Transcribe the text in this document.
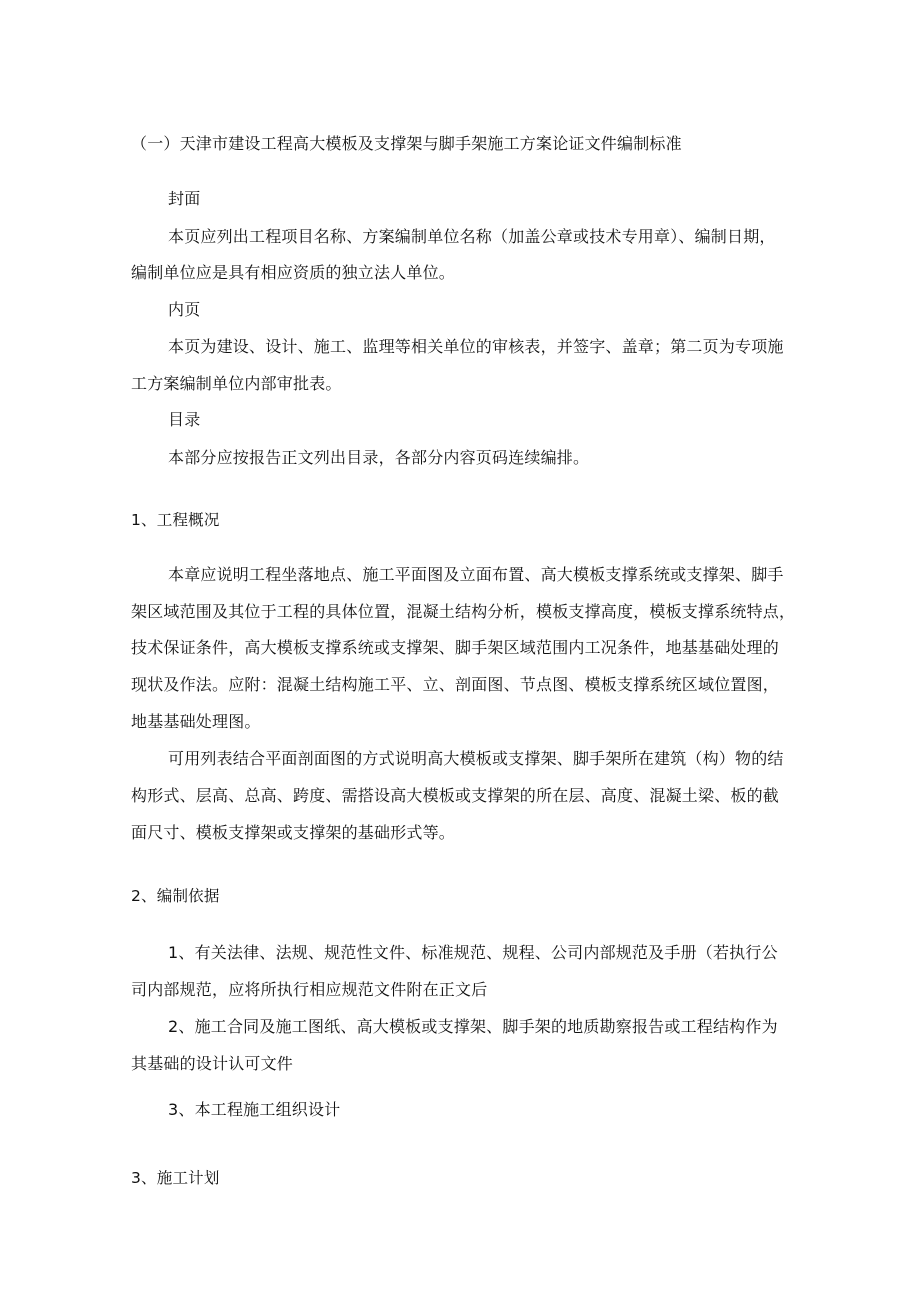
（一）天津市建设工程高大模板及支撑架与脚手架施工方案论证文件编制标准
封面
本页应列出工程项目名称、方案编制单位名称（加盖公章或技术专用章）、编制日期，
编制单位应是具有相应资质的独立法人单位。
内页
本页为建设、设计、施工、监理等相关单位的审核表，并签字、盖章；第二页为专项施
工方案编制单位内部审批表。
目录
本部分应按报告正文列出目录，各部分内容页码连续编排。
1、工程概况
本章应说明工程坐落地点、施工平面图及立面布置、高大模板支撑系统或支撑架、脚手
架区域范围及其位于工程的具体位置，混凝土结构分析，模板支撑高度，模板支撑系统特点，
技术保证条件，高大模板支撑系统或支撑架、脚手架区域范围内工况条件，地基基础处理的
现状及作法。应附：混凝土结构施工平、立、剖面图、节点图、模板支撑系统区域位置图，
地基基础处理图。
可用列表结合平面剖面图的方式说明高大模板或支撑架、脚手架所在建筑（构）物的结
构形式、层高、总高、跨度、需搭设高大模板或支撑架的所在层、高度、混凝土梁、板的截
面尺寸、模板支撑架或支撑架的基础形式等。
2、编制依据
1、有关法律、法规、规范性文件、标准规范、规程、公司内部规范及手册（若执行公
司内部规范，应将所执行相应规范文件附在正文后
2、施工合同及施工图纸、高大模板或支撑架、脚手架的地质勘察报告或工程结构作为
其基础的设计认可文件
3、本工程施工组织设计
3、施工计划
